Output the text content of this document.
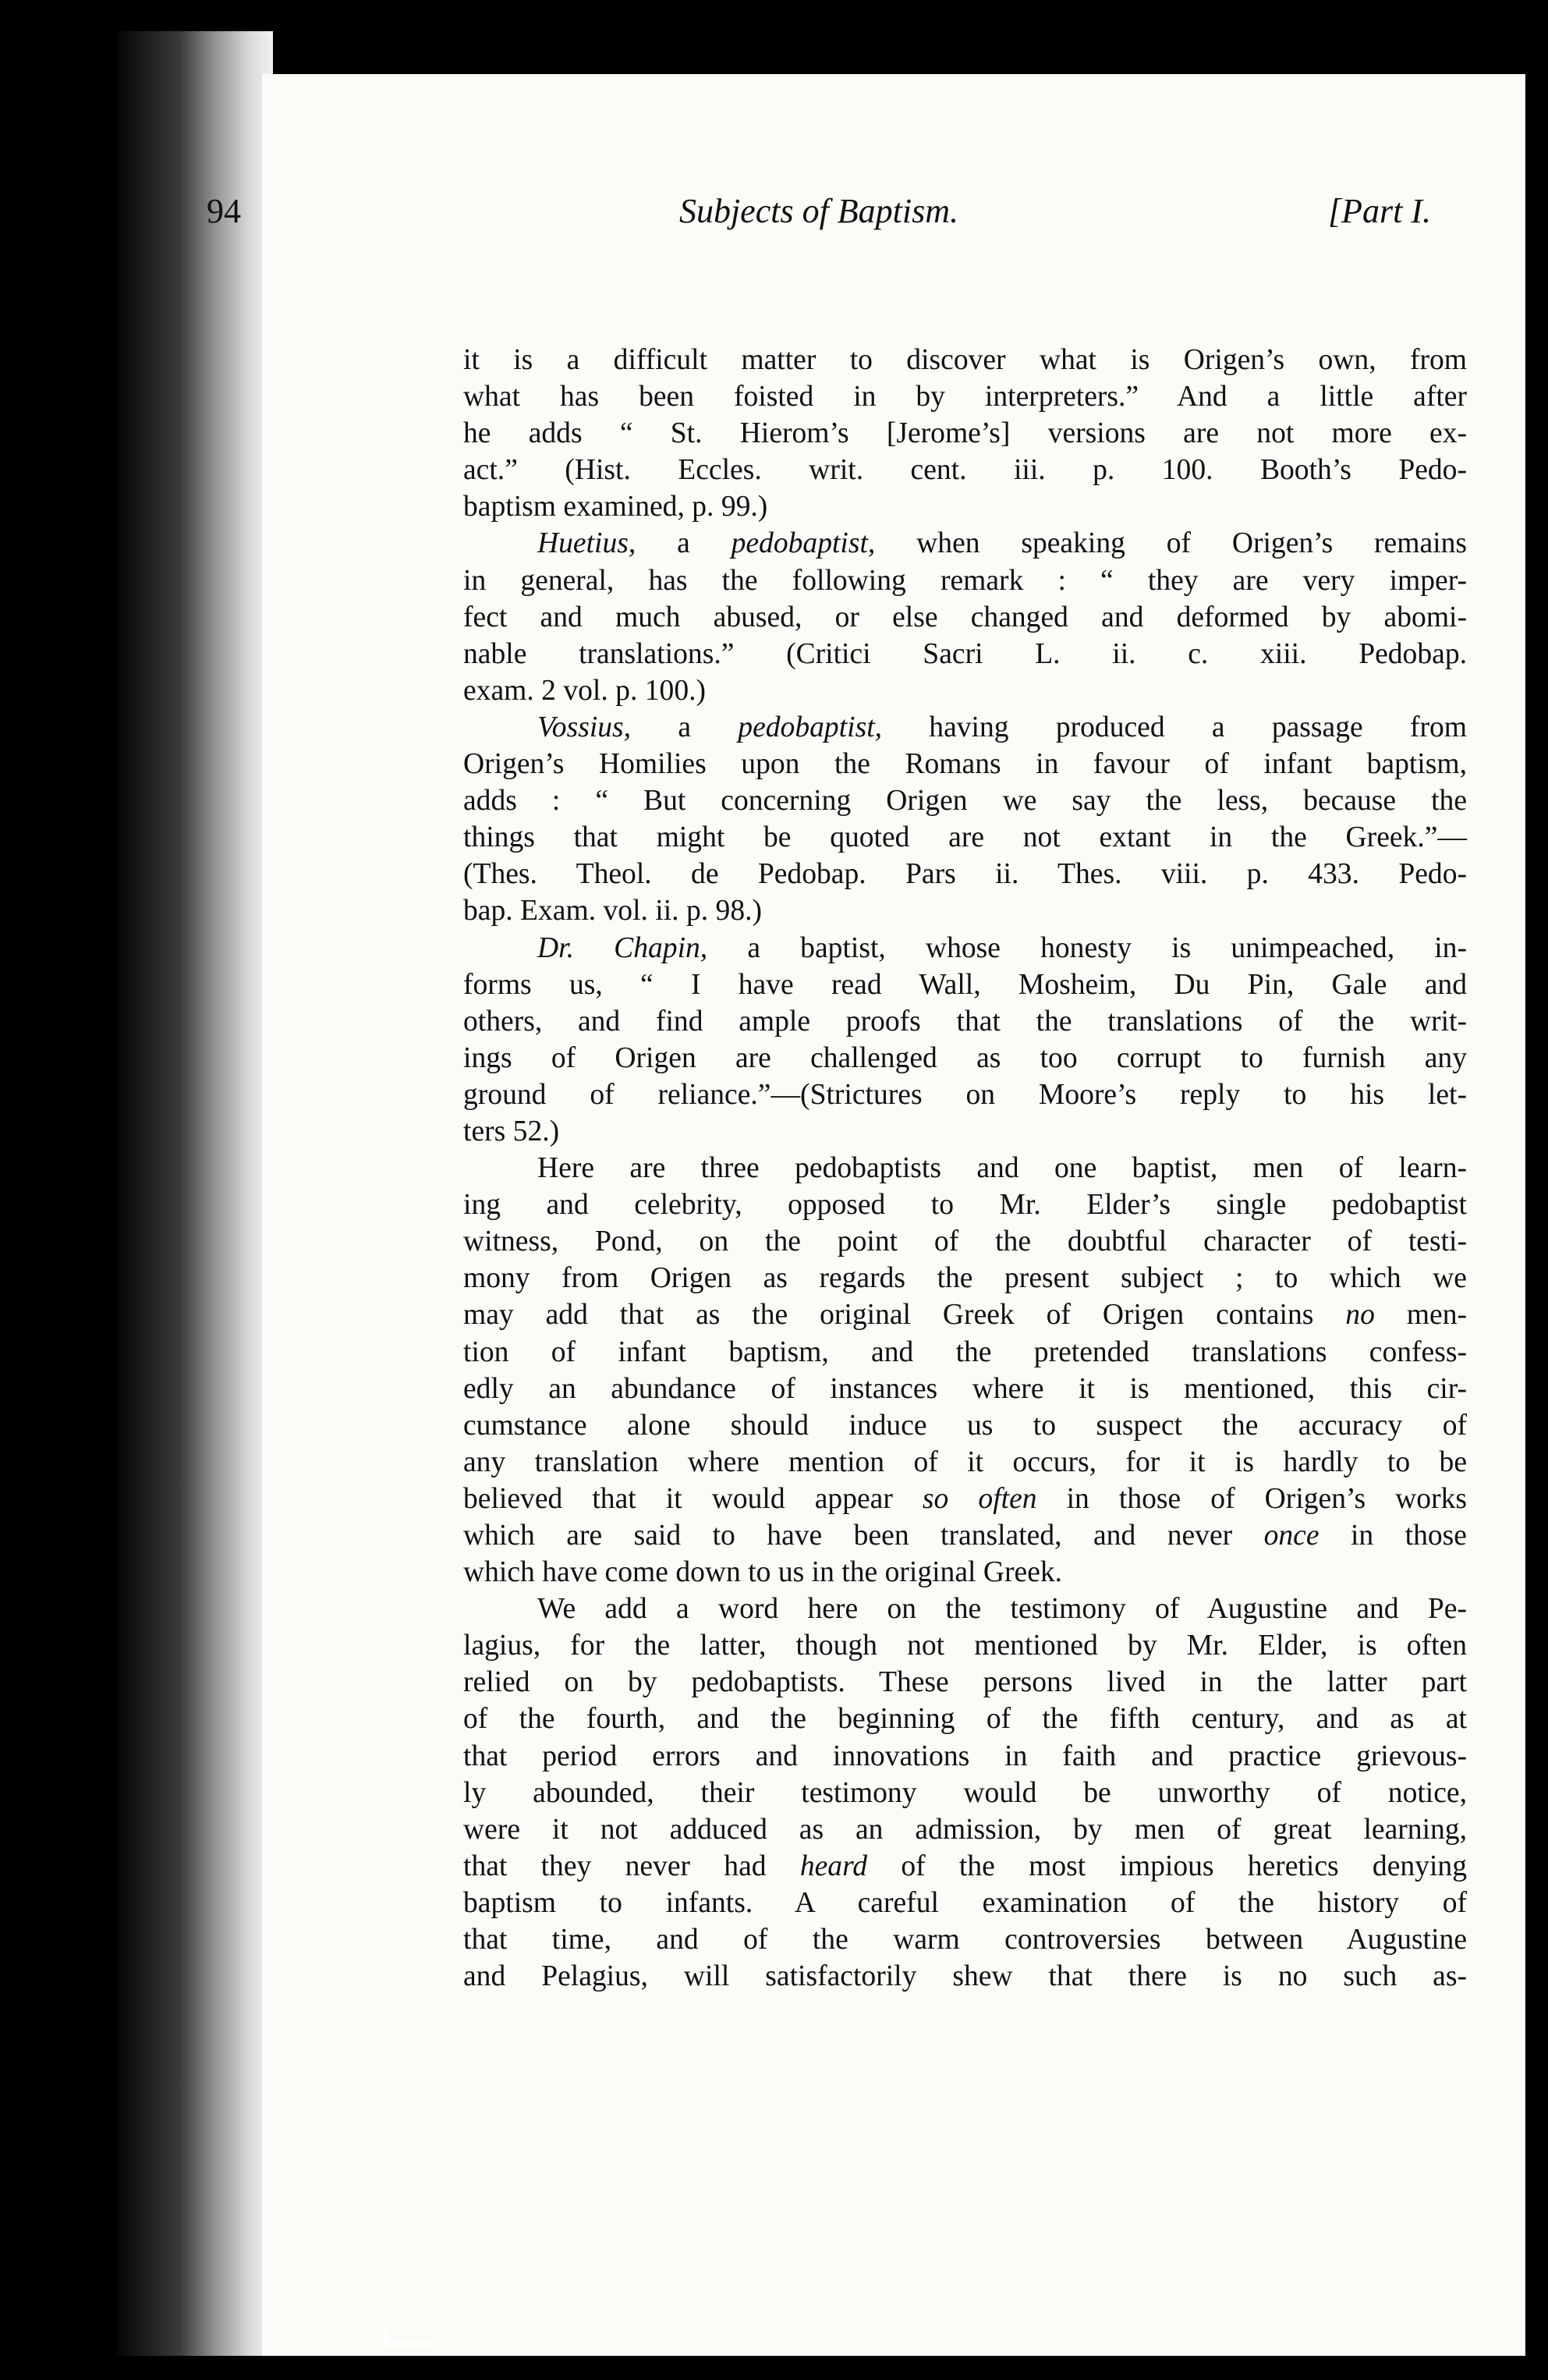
94	Subjects of Baptism.	[Part I.
it is a difficult matter to discover what is Origen’s own, from
what has been foisted in by interpreters.” And a little after
he adds “ St. Hierom’s [Jerome’s] versions are not more ex-
act.” (Hist. Eccles. writ. cent. iii. p. 100. Booth’s Pedo-
baptism examined, p. 99.)
Huetius, a pedobaptist, when speaking of Origen’s remains
in general, has the following remark : “ they are very imper-
fect and much abused, or else changed and deformed by abomi-
nable translations.” (Critici Sacri L. ii. c. xiii. Pedobap.
exam. 2 vol. p. 100.)
Vossius, a pedobaptist, having produced a passage from
Origen’s Homilies upon the Romans in favour of infant baptism,
adds : “ But concerning Origen we say the less, because the
things that might be quoted are not extant in the Greek.”—
(Thes. Theol. de Pedobap. Pars ii. Thes. viii. p. 433. Pedo-
bap. Exam. vol. ii. p. 98.)
Dr. Chapin, a baptist, whose honesty is unimpeached, in-
forms us, “ I have read Wall, Mosheim, Du Pin, Gale and
others, and find ample proofs that the translations of the writ-
ings of Origen are challenged as too corrupt to furnish any
ground of reliance.”—(Strictures on Moore’s reply to his let-
ters 52.)
Here are three pedobaptists and one baptist, men of learn-
ing and celebrity, opposed to Mr. Elder’s single pedobaptist
witness, Pond, on the point of the doubtful character of testi-
mony from Origen as regards the present subject ; to which we
may add that as the original Greek of Origen contains no men-
tion of infant baptism, and the pretended translations confess-
edly an abundance of instances where it is mentioned, this cir-
cumstance alone should induce us to suspect the accuracy of
any translation where mention of it occurs, for it is hardly to be
believed that it would appear so often in those of Origen’s works
which are said to have been translated, and never once in those
which have come down to us in the original Greek.
We add a word here on the testimony of Augustine and Pe-
lagius, for the latter, though not mentioned by Mr. Elder, is often
relied on by pedobaptists. These persons lived in the latter part
of the fourth, and the beginning of the fifth century, and as at
that period errors and innovations in faith and practice grievous-
ly abounded, their testimony would be unworthy of notice,
were it not adduced as an admission, by men of great learning,
that they never had heard of the most impious heretics denying
baptism to infants. A careful examination of the history of
that time, and of the warm controversies between Augustine
and Pelagius, will satisfactorily shew that there is no such as-
